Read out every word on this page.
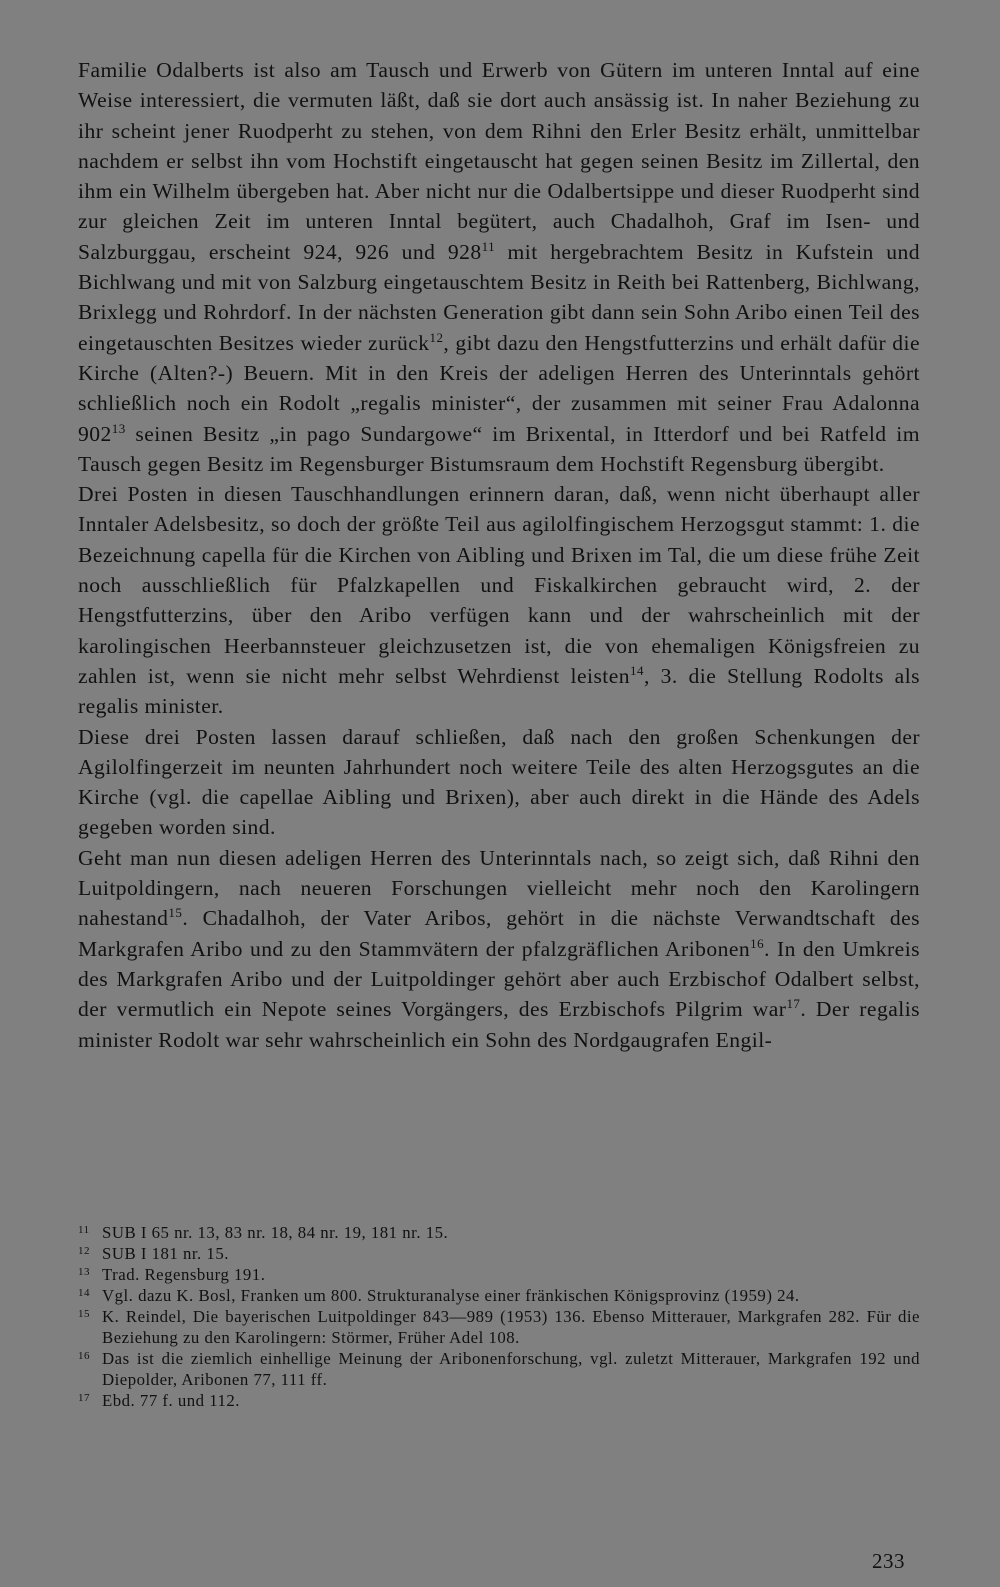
Familie Odalberts ist also am Tausch und Erwerb von Gütern im unteren Inntal auf eine Weise interessiert, die vermuten läßt, daß sie dort auch ansässig ist. In naher Beziehung zu ihr scheint jener Ruodperht zu stehen, von dem Rihni den Erler Besitz erhält, unmittelbar nachdem er selbst ihn vom Hochstift eingetauscht hat gegen seinen Besitz im Zillertal, den ihm ein Wilhelm übergeben hat. Aber nicht nur die Odalbertsippe und dieser Ruodperht sind zur gleichen Zeit im unteren Inntal begütert, auch Chadalhoh, Graf im Isen- und Salzburggau, erscheint 924, 926 und 928$^{11}$ mit hergebrachtem Besitz in Kufstein und Bichlwang und mit von Salzburg eingetauschtem Besitz in Reith bei Rattenberg, Bichlwang, Brixlegg und Rohrdorf. In der nächsten Generation gibt dann sein Sohn Aribo einen Teil des eingetauschten Besitzes wieder zurück$^{12}$, gibt dazu den Hengstfutterzins und erhält dafür die Kirche (Alten?-) Beuern. Mit in den Kreis der adeligen Herren des Unterinntals gehört schließlich noch ein Rodolt „regalis minister“, der zusammen mit seiner Frau Adalonna 902$^{13}$ seinen Besitz „in pago Sundargowe“ im Brixental, in Itterdorf und bei Ratfeld im Tausch gegen Besitz im Regensburger Bistumsraum dem Hochstift Regensburg übergibt.

Drei Posten in diesen Tauschhandlungen erinnern daran, daß, wenn nicht überhaupt aller Inntaler Adelsbesitz, so doch der größte Teil aus agilolfingischem Herzogsgut stammt: 1. die Bezeichnung capella für die Kirchen von Aibling und Brixen im Tal, die um diese frühe Zeit noch ausschließlich für Pfalzkapellen und Fiskalkirchen gebraucht wird, 2. der Hengstfutterzins, über den Aribo verfügen kann und der wahrscheinlich mit der karolingischen Heerbannsteuer gleichzusetzen ist, die von ehemaligen Königsfreien zu zahlen ist, wenn sie nicht mehr selbst Wehrdienst leisten$^{14}$, 3. die Stellung Rodolts als regalis minister.

Diese drei Posten lassen darauf schließen, daß nach den großen Schenkungen der Agilolfingerzeit im neunten Jahrhundert noch weitere Teile des alten Herzogsgutes an die Kirche (vgl. die capellae Aibling und Brixen), aber auch direkt in die Hände des Adels gegeben worden sind.

Geht man nun diesen adeligen Herren des Unterinntals nach, so zeigt sich, daß Rihni den Luitpoldingern, nach neueren Forschungen vielleicht mehr noch den Karolingern nahestand$^{15}$. Chadalhoh, der Vater Aribos, gehört in die nächste Verwandtschaft des Markgrafen Aribo und zu den Stammvätern der pfalzgräflichen Aribonen$^{16}$. In den Umkreis des Markgrafen Aribo und der Luitpoldinger gehört aber auch Erzbischof Odalbert selbst, der vermutlich ein Nepote seines Vorgängers, des Erzbischofs Pilgrim war$^{17}$. Der regalis minister Rodolt war sehr wahrscheinlich ein Sohn des Nordgaugrafen Engil-

11 SUB I 65 nr. 13, 83 nr. 18, 84 nr. 19, 181 nr. 15.
12 SUB I 181 nr. 15.
13 Trad. Regensburg 191.
14 Vgl. dazu K. Bosl, Franken um 800. Strukturanalyse einer fränkischen Königsprovinz (1959) 24.
15 K. Reindel, Die bayerischen Luitpoldinger 843—989 (1953) 136. Ebenso Mitterauer, Markgrafen 282. Für die Beziehung zu den Karolingern: Störmer, Früher Adel 108.
16 Das ist die ziemlich einhellige Meinung der Aribonenforschung, vgl. zuletzt Mitterauer, Markgrafen 192 und Diepolder, Aribonen 77, 111 ff.
17 Ebd. 77 f. und 112.
233
